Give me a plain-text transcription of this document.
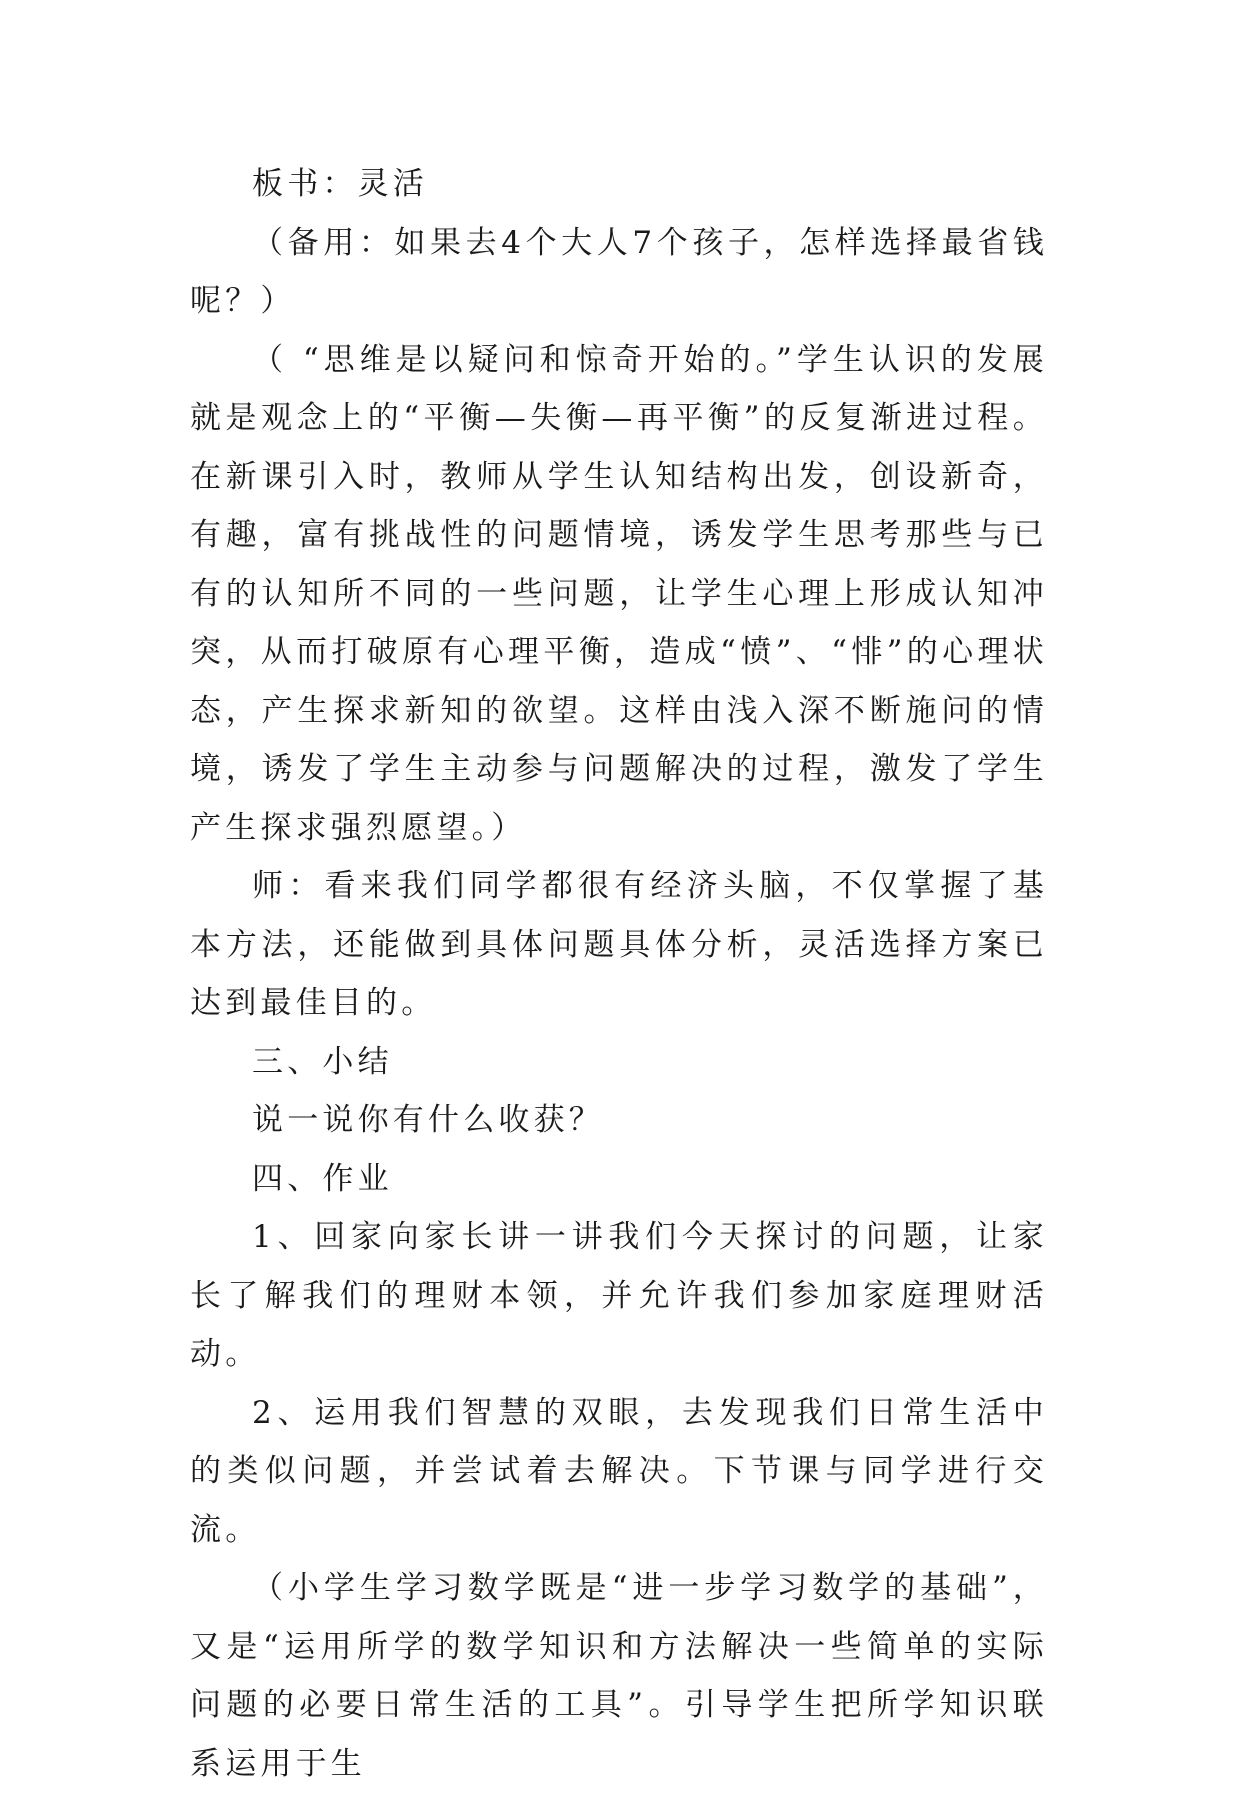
板书：灵活

（备用：如果去4个大人7个孩子，怎样选择最省钱呢？）

（ “思维是以疑问和惊奇开始的。”学生认识的发展就是观念上的“平衡—失衡—再平衡”的反复渐进过程。在新课引入时，教师从学生认知结构出发，创设新奇，有趣，富有挑战性的问题情境，诱发学生思考那些与已有的认知所不同的一些问题，让学生心理上形成认知冲突，从而打破原有心理平衡，造成“愤”、“悱”的心理状态，产生探求新知的欲望。这样由浅入深不断施问的情境，诱发了学生主动参与问题解决的过程，激发了学生产生探求强烈愿望。）

师：看来我们同学都很有经济头脑，不仅掌握了基本方法，还能做到具体问题具体分析，灵活选择方案已达到最佳目的。

三、小结

说一说你有什么收获？

四、作业

1、回家向家长讲一讲我们今天探讨的问题，让家长了解我们的理财本领，并允许我们参加家庭理财活动。

2、运用我们智慧的双眼，去发现我们日常生活中的类似问题，并尝试着去解决。下节课与同学进行交流。

（小学生学习数学既是“进一步学习数学的基础”，又是“运用所学的数学知识和方法解决一些简单的实际问题的必要日常生活的工具”。引导学生把所学知识联系运用于生
